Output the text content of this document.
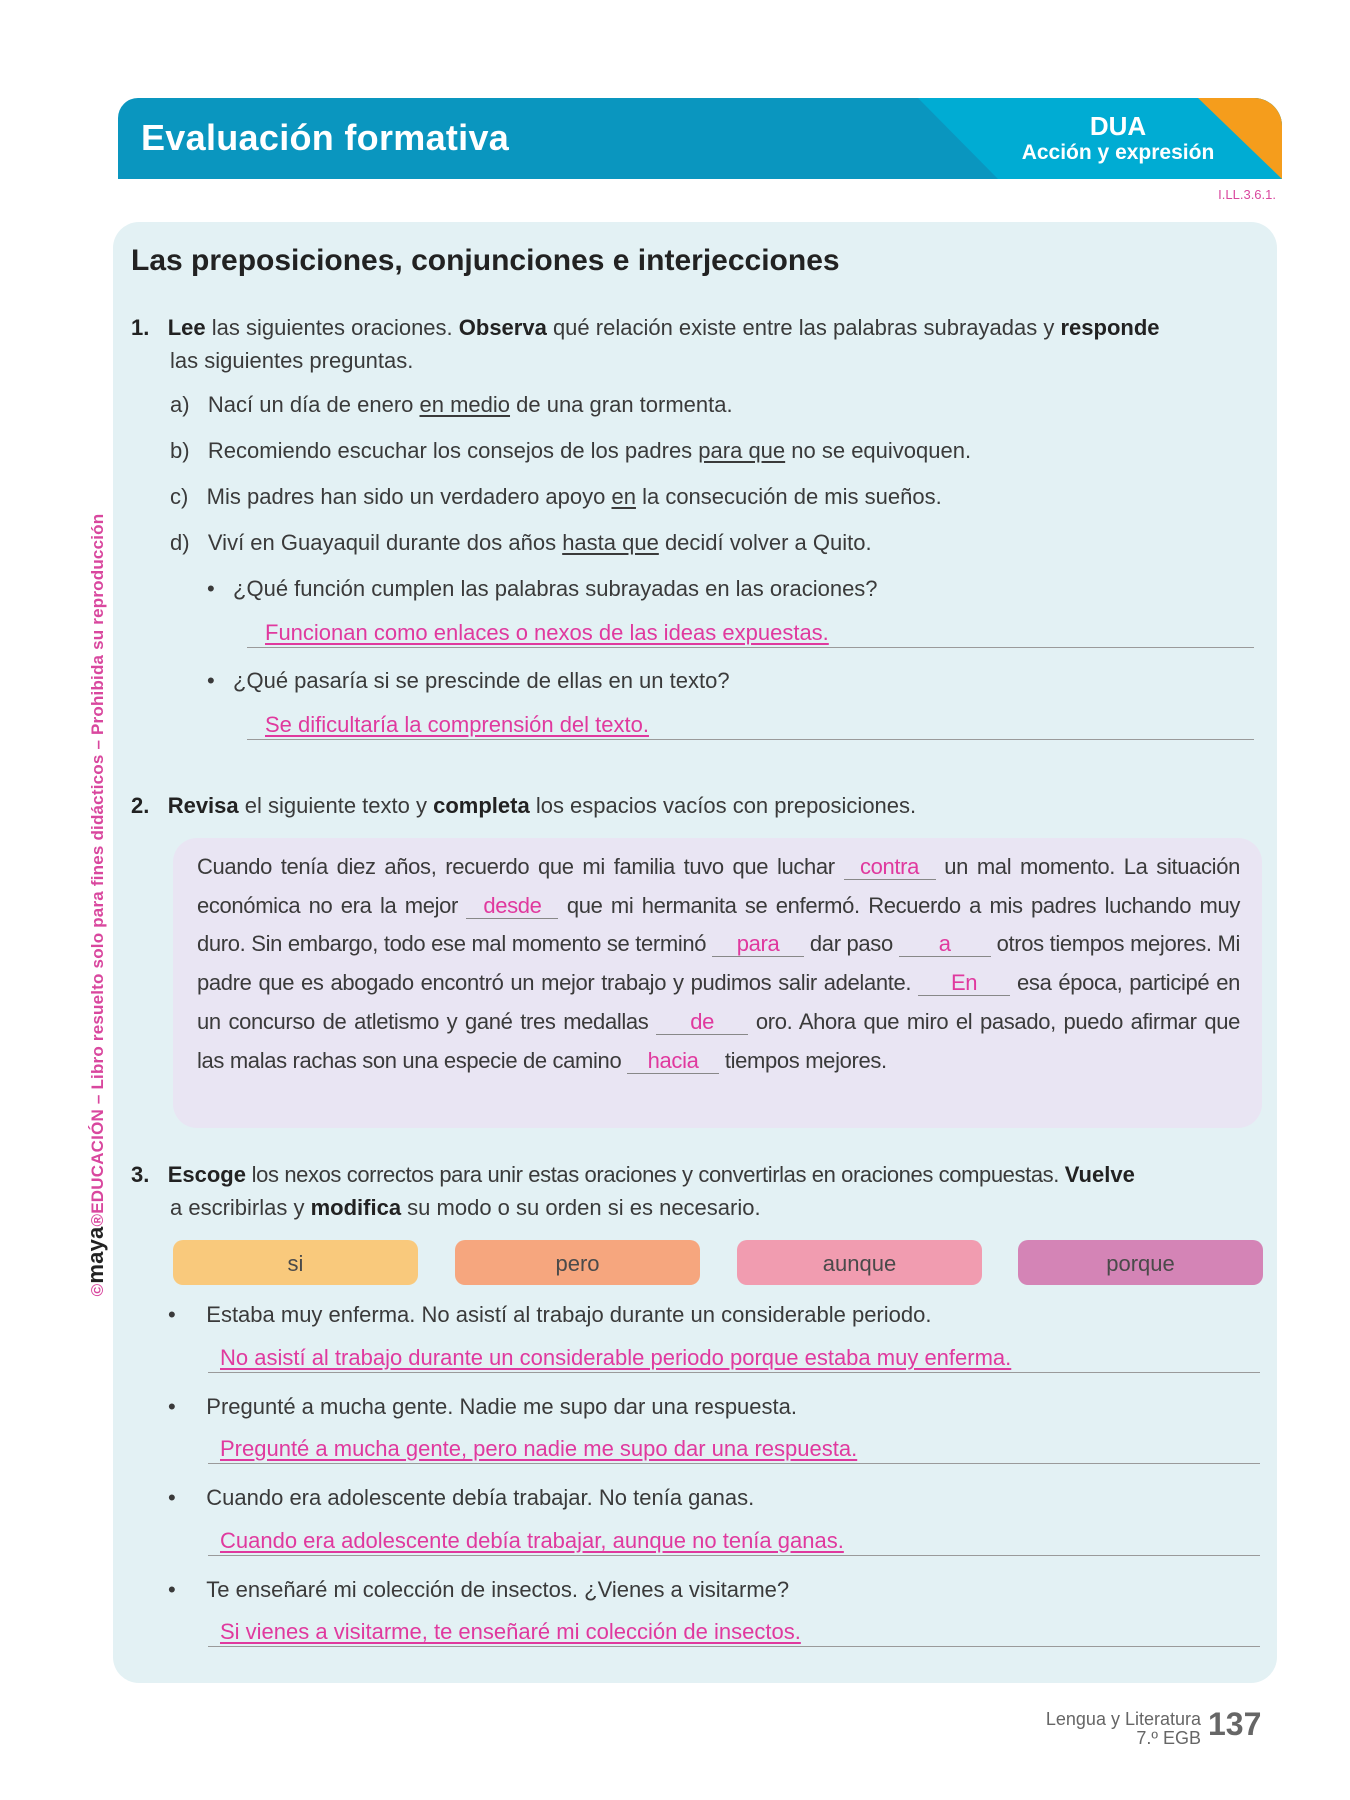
Evaluación formativa	DUA
Acción y expresión
I.LL.3.6.1.
©maya®EDUCACIÓN – Libro resuelto solo para fines didácticos – Prohibida su reproducción
Las preposiciones, conjunciones e interjecciones
1. Lee las siguientes oraciones. Observa qué relación existe entre las palabras subrayadas y responde
las siguientes preguntas.
a) Nací un día de enero en medio de una gran tormenta.
b) Recomiendo escuchar los consejos de los padres para que no se equivoquen.
c) Mis padres han sido un verdadero apoyo en la consecución de mis sueños.
d) Viví en Guayaquil durante dos años hasta que decidí volver a Quito.
•   ¿Qué función cumplen las palabras subrayadas en las oraciones?
Funcionan como enlaces o nexos de las ideas expuestas.
•   ¿Qué pasaría si se prescinde de ellas en un texto?
Se dificultaría la comprensión del texto.
2. Revisa el siguiente texto y completa los espacios vacíos con preposiciones.
Cuando tenía diez años, recuerdo que mi familia tuvo que luchar contra un mal momento. La situación económica no era la mejor desde que mi hermanita se enfermó. Recuerdo a mis padres luchando muy duro. Sin embargo, todo ese mal momento se terminó para dar paso a otros tiempos mejores. Mi padre que es abogado encontró un mejor trabajo y pudimos salir adelante. En esa época, participé en un concurso de atletismo y gané tres medallas de oro. Ahora que miro el pasado, puedo afirmar que las malas rachas son una especie de camino hacia tiempos mejores.
3. Escoge los nexos correctos para unir estas oraciones y convertirlas en oraciones compuestas. Vuelve
a escribirlas y modifica su modo o su orden si es necesario.
si	pero	aunque	porque
•     Estaba muy enferma. No asistí al trabajo durante un considerable periodo.
No asistí al trabajo durante un considerable periodo porque estaba muy enferma.
•     Pregunté a mucha gente. Nadie me supo dar una respuesta.
Pregunté a mucha gente, pero nadie me supo dar una respuesta.
•     Cuando era adolescente debía trabajar. No tenía ganas.
Cuando era adolescente debía trabajar, aunque no tenía ganas.
•     Te enseñaré mi colección de insectos. ¿Vienes a visitarme?
Si vienes a visitarme, te enseñaré mi colección de insectos.
Lengua y Literatura
7.º EGB 137
